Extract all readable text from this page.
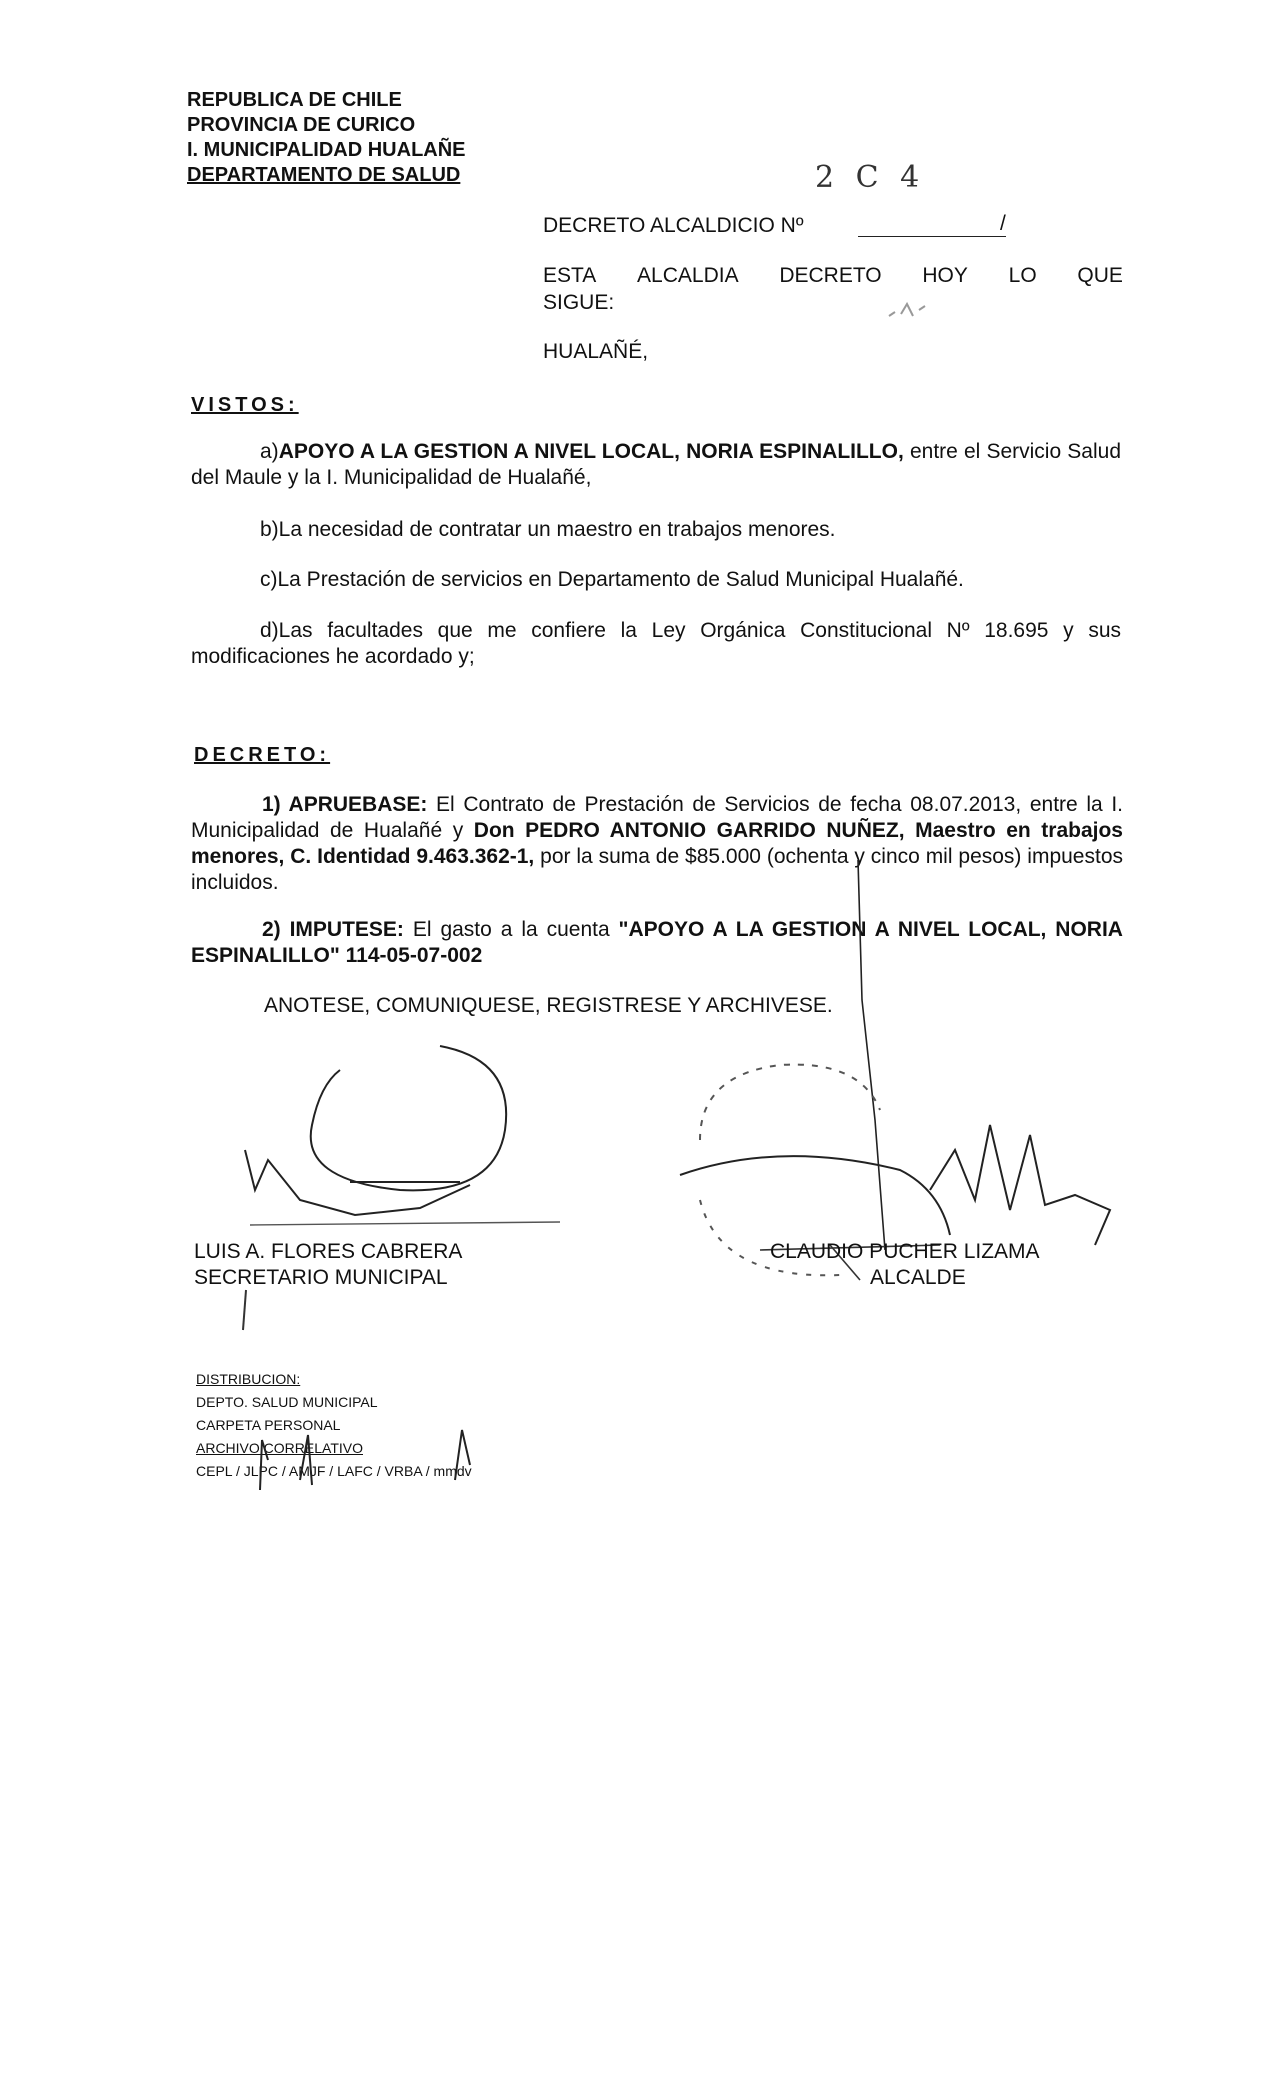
REPUBLICA DE CHILE
PROVINCIA DE CURICO
I. MUNICIPALIDAD HUALAÑE
DEPARTAMENTO DE SALUD	2 C 4
DECRETO ALCALDICIO Nº	/
ESTA ALCALDIA DECRETO HOY LO QUE
SIGUE:
HUALAÑÉ,
VISTOS:
a)APOYO A LA GESTION A NIVEL LOCAL, NORIA ESPINALILLO, entre el Servicio Salud del Maule y la I. Municipalidad de Hualañé,
b)La necesidad de contratar un maestro en trabajos menores.
c)La Prestación de servicios en Departamento de Salud Municipal Hualañé.
d)Las facultades que me confiere la Ley Orgánica Constitucional Nº 18.695 y sus modificaciones he acordado y;
DECRETO:
1) APRUEBASE: El Contrato de Prestación de Servicios de fecha 08.07.2013, entre la I. Municipalidad de Hualañé y Don PEDRO ANTONIO GARRIDO NUÑEZ, Maestro en trabajos menores, C. Identidad 9.463.362-1, por la suma de $85.000 (ochenta y cinco mil pesos) impuestos incluidos.
2) IMPUTESE: El gasto a la cuenta "APOYO A LA GESTION A NIVEL LOCAL, NORIA ESPINALILLO" 114-05-07-002
ANOTESE, COMUNIQUESE, REGISTRESE Y ARCHIVESE.
LUIS A. FLORES CABRERA
SECRETARIO MUNICIPAL
CLAUDIO PUCHER LIZAMA
ALCALDE
DISTRIBUCION:
DEPTO. SALUD MUNICIPAL
CARPETA PERSONAL
ARCHIVO CORRELATIVO
CEPL / JLPC / AMJF / LAFC / VRBA / mmdv
